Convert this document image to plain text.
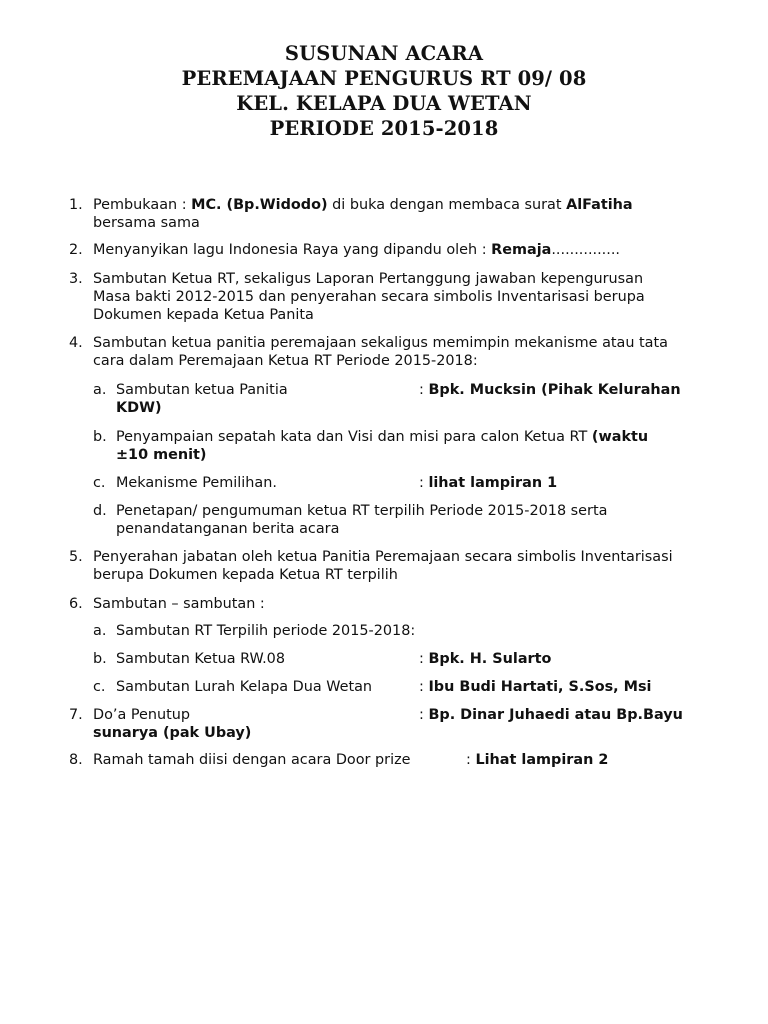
SUSUNAN ACARA
PEREMAJAAN PENGURUS RT 09/ 08
KEL. KELAPA DUA WETAN
PERIODE 2015-2018
1. Pembukaan : MC. (Bp.Widodo) di buka dengan membaca surat AlFatiha
bersama sama
2. Menyanyikan lagu Indonesia Raya yang dipandu oleh : Remaja...............
3. Sambutan Ketua RT, sekaligus Laporan Pertanggung jawaban kepengurusan
Masa bakti 2012-2015 dan penyerahan secara simbolis Inventarisasi berupa
Dokumen kepada Ketua Panita
4. Sambutan ketua panitia peremajaan sekaligus memimpin mekanisme atau tata
cara dalam Peremajaan Ketua RT Periode 2015-2018:
a. Sambutan ketua Panitia	: Bpk. Mucksin (Pihak Kelurahan
KDW)
b. Penyampaian sepatah kata dan Visi dan misi para calon Ketua RT (waktu
±10 menit)
c. Mekanisme Pemilihan.	: lihat lampiran 1
d. Penetapan/ pengumuman ketua RT terpilih Periode 2015-2018 serta
penandatanganan berita acara
5. Penyerahan jabatan oleh ketua Panitia Peremajaan secara simbolis Inventarisasi
berupa Dokumen kepada Ketua RT terpilih
6. Sambutan – sambutan :
a. Sambutan RT Terpilih periode 2015-2018:
b. Sambutan Ketua RW.08	: Bpk. H. Sularto
c. Sambutan Lurah Kelapa Dua Wetan	: Ibu Budi Hartati, S.Sos, Msi
7. Do’a Penutup	: Bp. Dinar Juhaedi atau Bp.Bayu
sunarya (pak Ubay)
8. Ramah tamah diisi dengan acara Door prize	: Lihat lampiran 2
